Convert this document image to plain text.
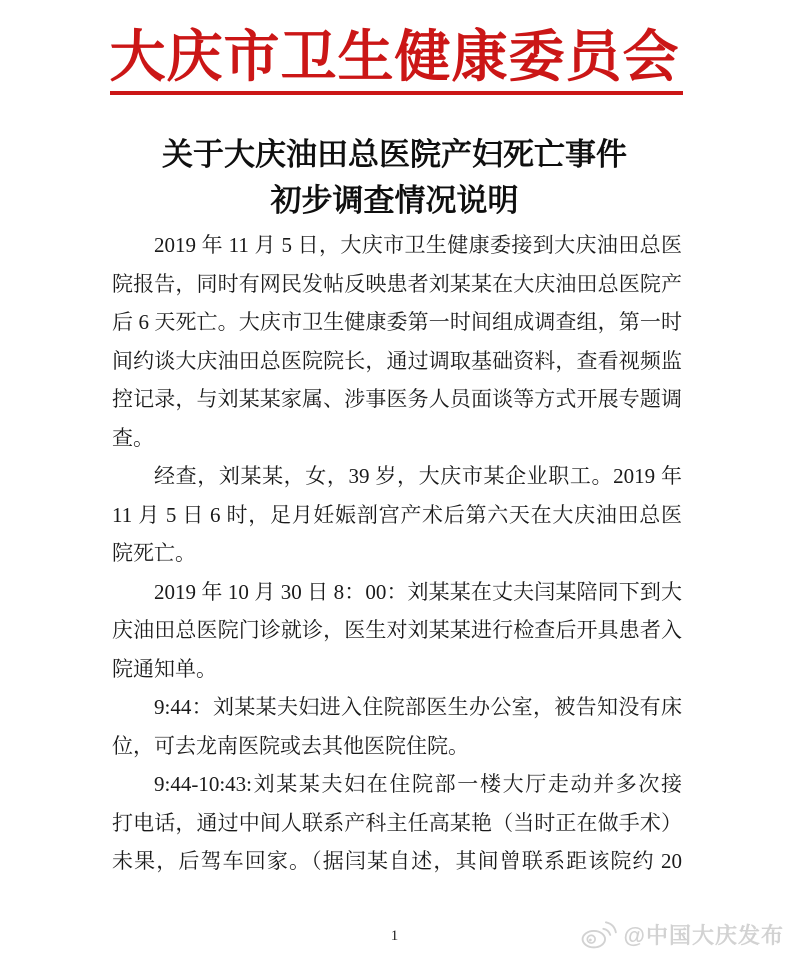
大庆市卫生健康委员会
关于大庆油田总医院产妇死亡事件
初步调查情况说明
2019 年 11 月 5 日，大庆市卫生健康委接到大庆油田总医
院报告，同时有网民发帖反映患者刘某某在大庆油田总医院产
后 6 天死亡。大庆市卫生健康委第一时间组成调查组，第一时
间约谈大庆油田总医院院长，通过调取基础资料，查看视频监
控记录，与刘某某家属、涉事医务人员面谈等方式开展专题调
查。
经查，刘某某，女，39 岁，大庆市某企业职工。2019 年
11 月 5 日 6 时，足月妊娠剖宫产术后第六天在大庆油田总医
院死亡。
2019 年 10 月 30 日 8：00：刘某某在丈夫闫某陪同下到大
庆油田总医院门诊就诊，医生对刘某某进行检查后开具患者入
院通知单。
9:44：刘某某夫妇进入住院部医生办公室，被告知没有床
位，可去龙南医院或去其他医院住院。
9:44-10:43:刘某某夫妇在住院部一楼大厅走动并多次接
打电话，通过中间人联系产科主任高某艳（当时正在做手术）
未果，后驾车回家。（据闫某自述，其间曾联系距该院约 20
1	@中国大庆发布
